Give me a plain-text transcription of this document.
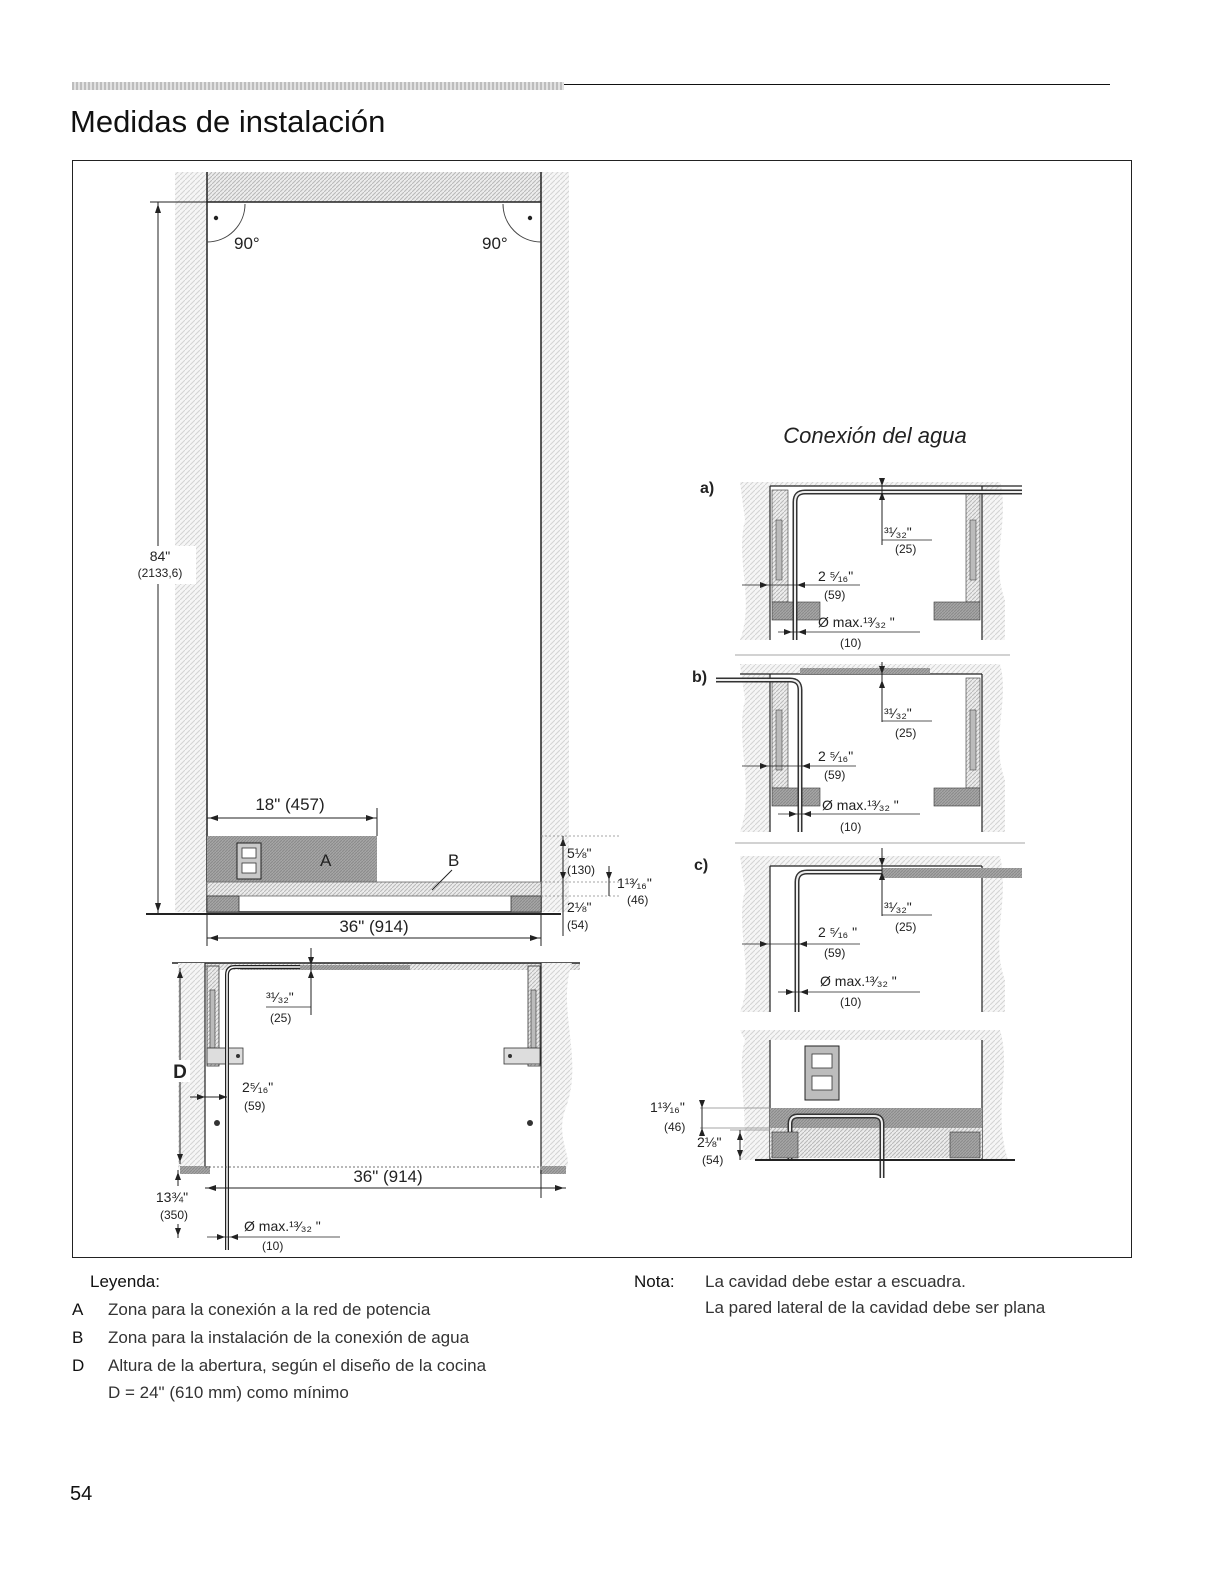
Medidas de instalación
90°	90°
A	B
84"
(2133,6)
18" (457)
36" (914)
5⅛"
(130)
1¹³⁄₁₆"
(46)
2⅛"
(54)
³¹⁄₃₂"
(25)
D
2⁵⁄₁₆"
(59)
36" (914)
13¾"
(350)
Ø max.¹³⁄₃₂ "
(10)
Conexión del agua
a)
³¹⁄₃₂"
(25)
2 ⁵⁄₁₆"
(59)
Ø max.¹³⁄₃₂ "
(10)
b)
³¹⁄₃₂"
(25)
2 ⁵⁄₁₆"
(59)
Ø max.¹³⁄₃₂ "
(10)
c)
³¹⁄₃₂"
(25)
2 ⁵⁄₁₆ "
(59)
Ø max.¹³⁄₃₂ "
(10)
1¹³⁄₁₆"
(46)
2⅛"
(54)
Leyenda:
A Zona para la conexión a la red de potencia
B Zona para la instalación de la conexión de agua
D Altura de la abertura, según el diseño de la cocina
D = 24" (610 mm) como mínimo
Nota: La cavidad debe estar a escuadra.
La pared lateral de la cavidad debe ser plana
54
